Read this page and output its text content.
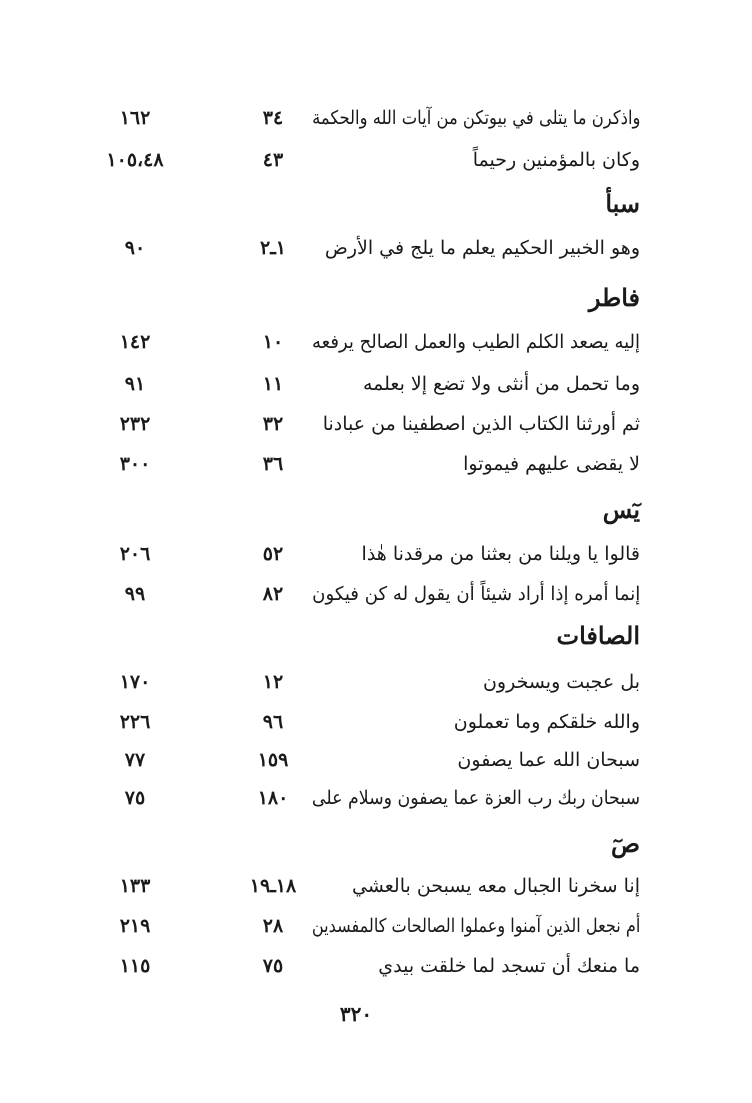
واذكرن ما يتلى في بيوتكن من آيات الله والحكمة
٣٤
١٦٢
وكان بالمؤمنين رحيماً
٤٣
١٠٥،٤٨
سبأ
وهو الخبير الحكيم يعلم ما يلج في الأرض
١ـ٢
٩٠
فاطر
إليه يصعد الكلم الطيب والعمل الصالح يرفعه
١٠
١٤٢
وما تحمل من أنثى ولا تضع إلا بعلمه
١١
٩١
ثم أورثنا الكتاب الذين اصطفينا من عبادنا
٣٢
٢٣٢
لا يقضى عليهم فيموتوا
٣٦
٣٠٠
يٓس
قالوا يا ويلنا من بعثنا من مرقدنا هٰذا
٥٢
٢٠٦
إنما أمره إذا أراد شيئاً أن يقول له كن فيكون
٨٢
٩٩
الصافات
بل عجبت ويسخرون
١٢
١٧٠
والله خلقكم وما تعملون
٩٦
٢٢٦
سبحان الله عما يصفون
١٥٩
٧٧
سبحان ربك رب العزة عما يصفون وسلام على
١٨٠
٧٥
صٓ
إنا سخرنا الجبال معه يسبحن بالعشي
١٨ـ١٩
١٣٣
أم نجعل الذين آمنوا وعملوا الصالحات كالمفسدين
٢٨
٢١٩
ما منعك أن تسجد لما خلقت بيدي
٧٥
١١٥
٣٢٠
